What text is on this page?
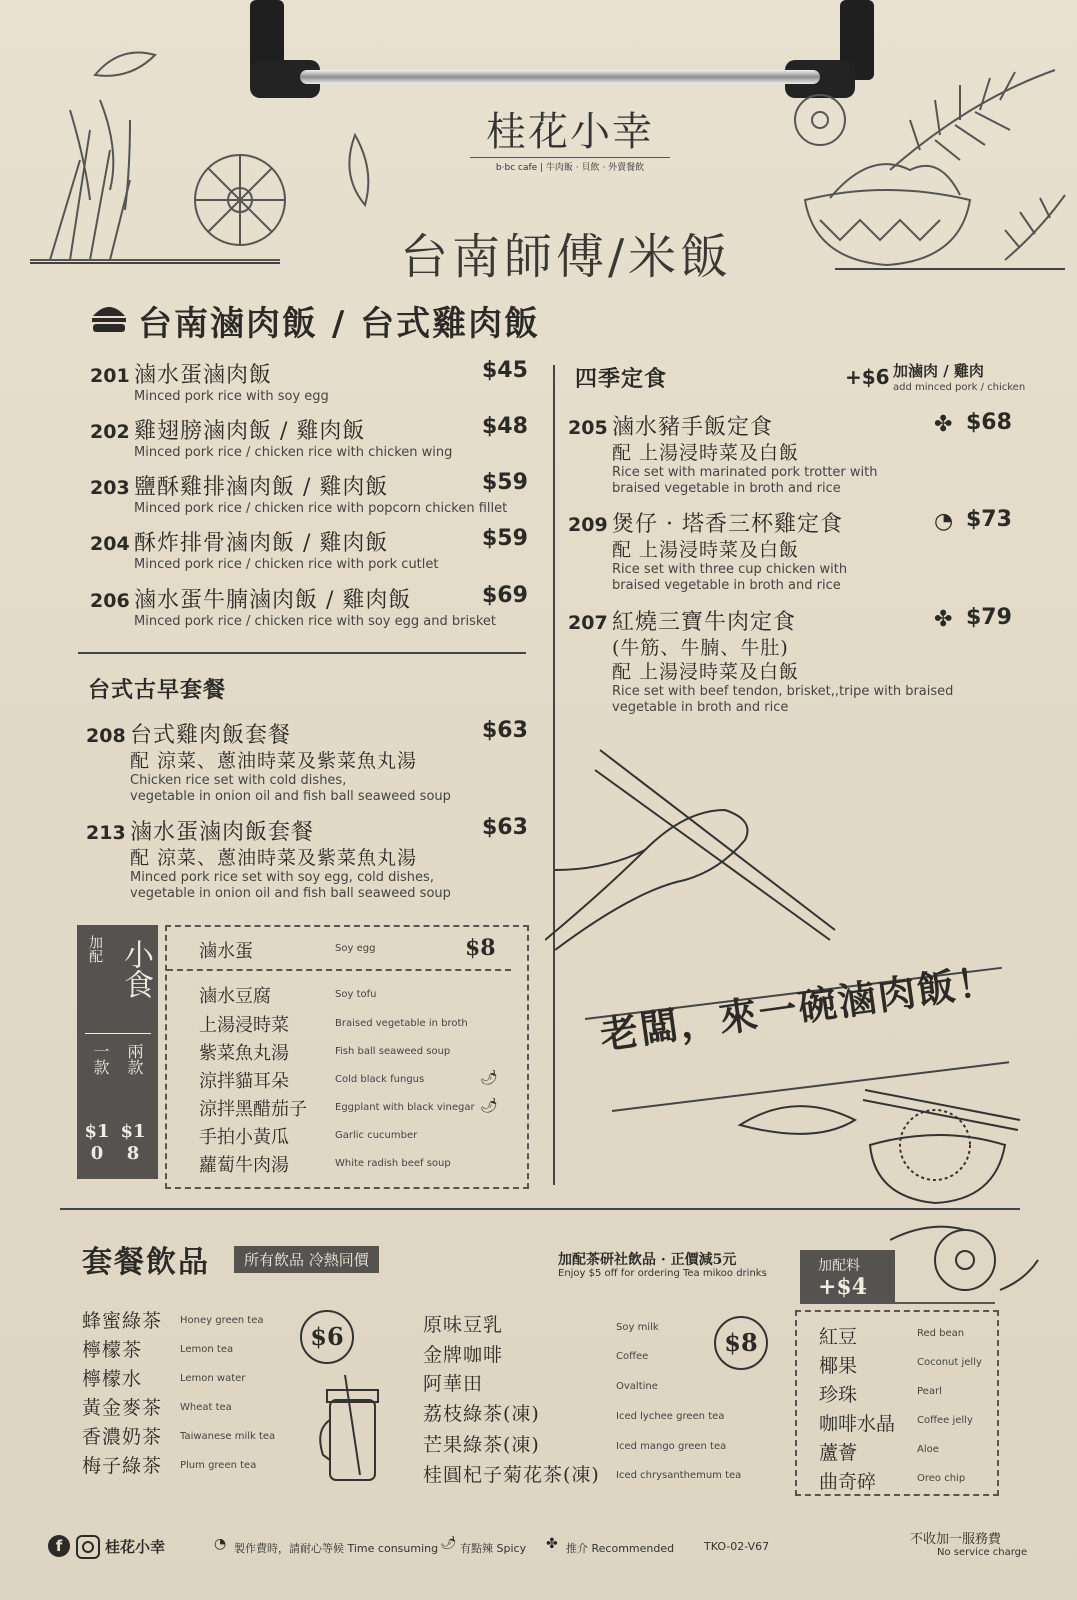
桂花小幸
b·bc cafe | 牛肉飯 · 貝飲 · 外賣餐飲
台南師傅/米飯
台南滷肉飯 / 台式雞肉飯
201 滷水蛋滷肉飯
Minced pork rice with soy egg
$45
202 雞翅膀滷肉飯 / 雞肉飯
Minced pork rice / chicken rice with chicken wing
$48
203 鹽酥雞排滷肉飯 / 雞肉飯
Minced pork rice / chicken rice with popcorn chicken fillet
$59
204 酥炸排骨滷肉飯 / 雞肉飯
Minced pork rice / chicken rice with pork cutlet
$59
206 滷水蛋牛腩滷肉飯 / 雞肉飯
Minced pork rice / chicken rice with soy egg and brisket
$69
台式古早套餐
208 台式雞肉飯套餐
配 涼菜、蔥油時菜及紫菜魚丸湯
Chicken rice set with cold dishes,
vegetable in onion oil and fish ball seaweed soup
$63
213 滷水蛋滷肉飯套餐
配 涼菜、蔥油時菜及紫菜魚丸湯
Minced pork rice set with soy egg, cold dishes,
vegetable in onion oil and fish ball seaweed soup
$63
四季定食	+$6 加滷肉 / 雞肉
add minced pork / chicken
205 滷水豬手飯定食
配 上湯浸時菜及白飯
Rice set with marinated pork trotter with
braised vegetable in broth and rice
✤ $68
209 煲仔 · 塔香三杯雞定食
配 上湯浸時菜及白飯
Rice set with three cup chicken with
braised vegetable in broth and rice
◔ $73
207 紅燒三寶牛肉定食
(牛筋、牛腩、牛肚)
配 上湯浸時菜及白飯
Rice set with beef tendon, brisket,,tripe with braised
vegetable in broth and rice
✤ $79
加配 小食
一款 兩款
$10
$18
滷水蛋	Soy egg	$8
滷水豆腐	Soy tofu
上湯浸時菜	Braised vegetable in broth
紫菜魚丸湯	Fish ball seaweed soup
涼拌貓耳朵	Cold black fungus	🌶
涼拌黑醋茄子	Eggplant with black vinegar 🌶
手拍小黃瓜	Garlic cucumber
蘿蔔牛肉湯	White radish beef soup
老闆，來一碗滷肉飯！
套餐飲品	所有飲品 冷熱同價	加配茶研社飲品 · 正價減5元
Enjoy $5 off for ordering Tea mikoo drinks
蜂蜜綠茶 Honey green tea
檸檬茶	Lemon tea
檸檬水	Lemon water
黃金麥茶 Wheat tea
香濃奶茶 Taiwanese milk tea
梅子綠茶 Plum green tea
$6	原味豆乳	Soy milk
金牌咖啡	Coffee
阿華田	Ovaltine
荔枝綠茶(凍)	Iced lychee green tea
芒果綠茶(凍)	Iced mango green tea
桂圓杞子菊花茶(凍) Iced chrysanthemum tea
$8
加配料
+$4
紅豆	Red bean
椰果	Coconut jelly
珍珠	Pearl
咖啡水晶 Coffee jelly
蘆薈	Aloe
曲奇碎	Oreo chip
f	桂花小幸	◔ 製作費時，請耐心等候 Time consuming 🌶 有點辣 Spicy ✤ 推介 Recommended	TKO-02-V67	不收加一服務費
No service charge
